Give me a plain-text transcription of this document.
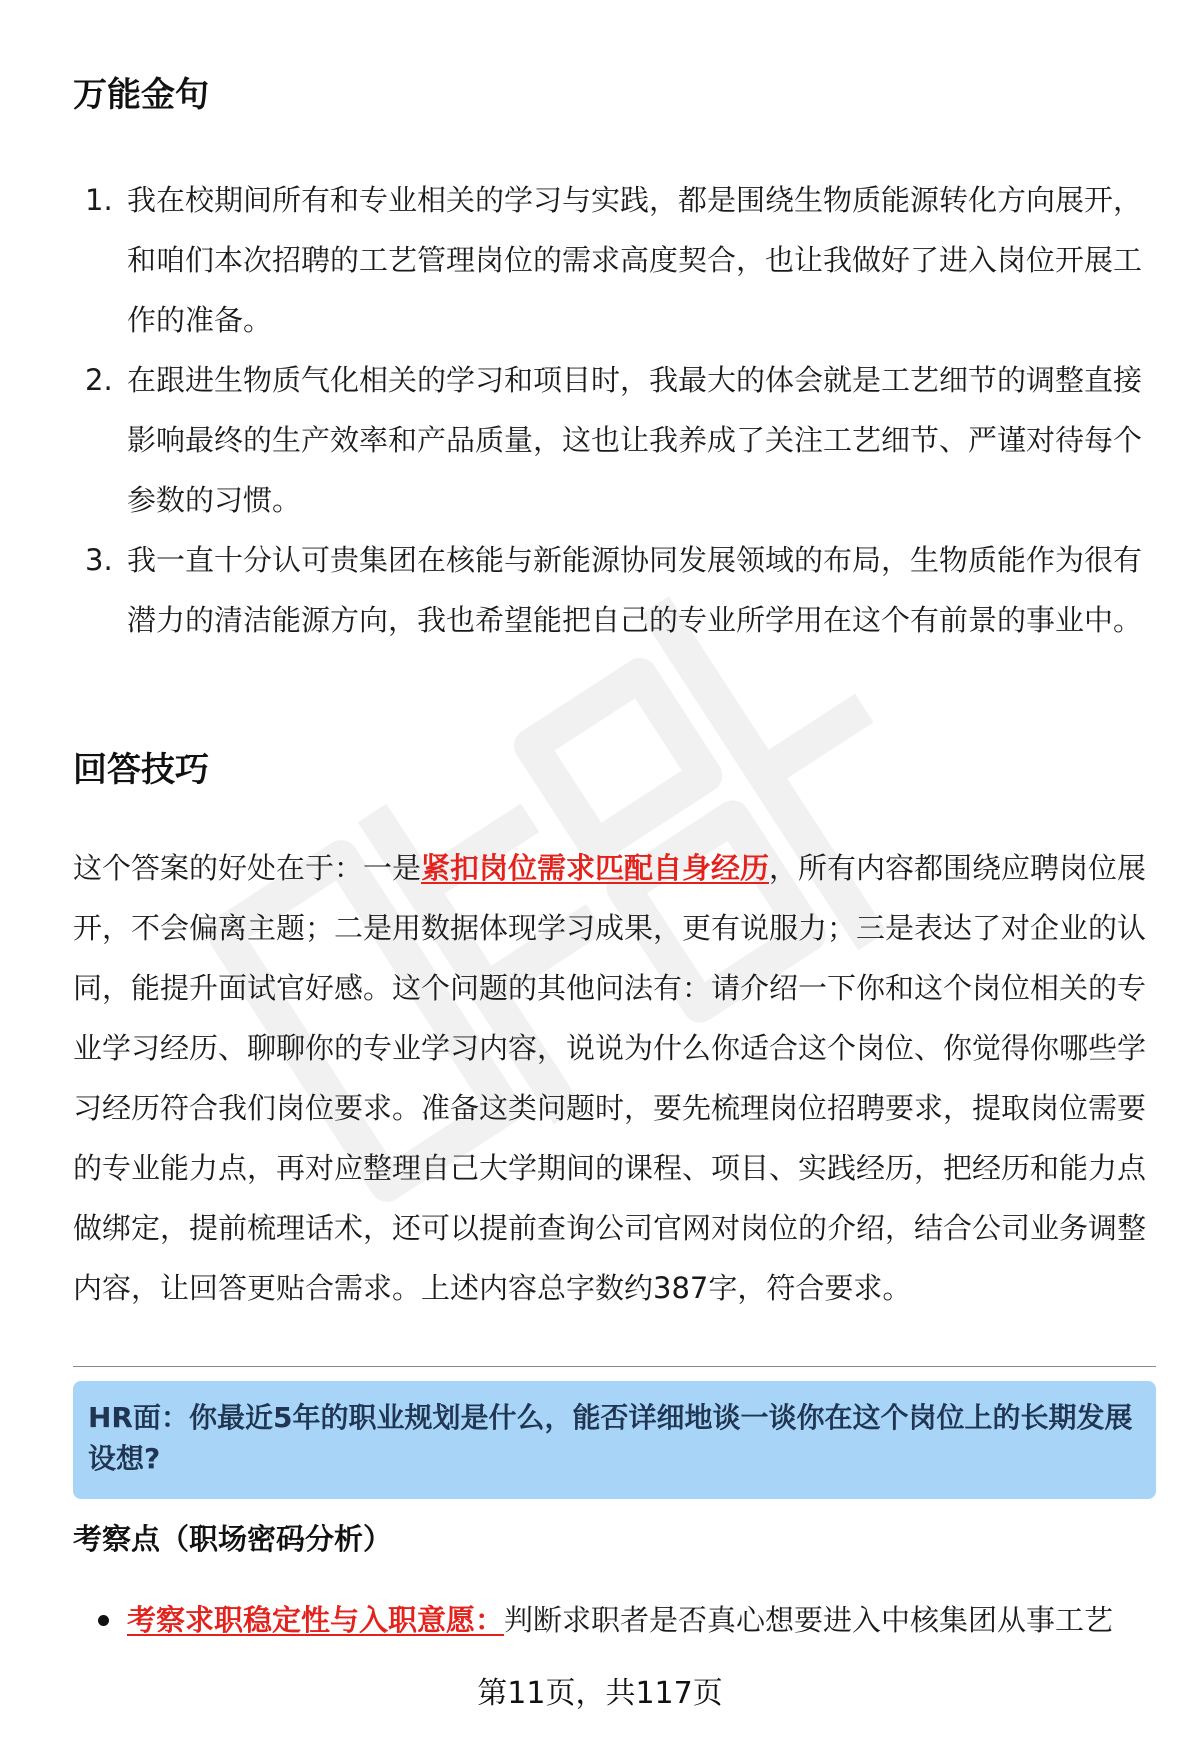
万能金句
1. 我在校期间所有和专业相关的学习与实践，都是围绕生物质能源转化方向展开，和咱们本次招聘的工艺管理岗位的需求高度契合，也让我做好了进入岗位开展工作的准备。
2. 在跟进生物质气化相关的学习和项目时，我最大的体会就是工艺细节的调整直接影响最终的生产效率和产品质量，这也让我养成了关注工艺细节、严谨对待每个参数的习惯。
3. 我一直十分认可贵集团在核能与新能源协同发展领域的布局，生物质能作为很有潜力的清洁能源方向，我也希望能把自己的专业所学用在这个有前景的事业中。
回答技巧

这个答案的好处在于：一是紧扣岗位需求匹配自身经历，所有内容都围绕应聘岗位展开，不会偏离主题；二是用数据体现学习成果，更有说服力；三是表达了对企业的认同，能提升面试官好感。这个问题的其他问法有：请介绍一下你和这个岗位相关的专业学习经历、聊聊你的专业学习内容，说说为什么你适合这个岗位、你觉得你哪些学习经历符合我们岗位要求。准备这类问题时，要先梳理岗位招聘要求，提取岗位需要的专业能力点，再对应整理自己大学期间的课程、项目、实践经历，把经历和能力点做绑定，提前梳理话术，还可以提前查询公司官网对岗位的介绍，结合公司业务调整内容，让回答更贴合需求。上述内容总字数约387字，符合要求。

HR面：你最近5年的职业规划是什么，能否详细地谈一谈你在这个岗位上的长期发展设想?
考察点（职场密码分析）
考察求职稳定性与入职意愿：判断求职者是否真心想要进入中核集团从事工艺
第11页，共117页
